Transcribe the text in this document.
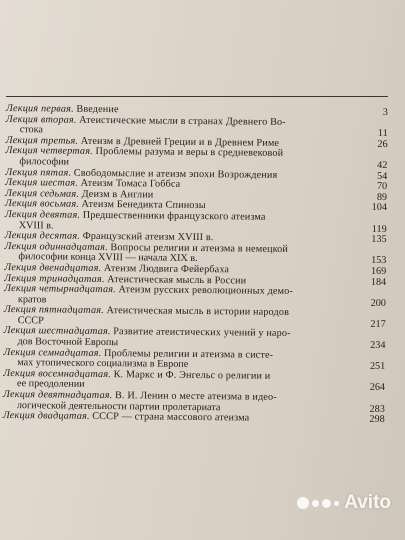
Лекция первая. Введение	3
Лекция вторая. Атеистические мысли в странах Древнего Во-
стока	11
Лекция третья. Атеизм в Древней Греции и в Древнем Риме	26
Лекция четвертая. Проблемы разума и веры в средневековой
философии	42
Лекция пятая. Свободомыслие и атеизм эпохи Возрождения	54
Лекция шестая. Атеизм Томаса Гоббса	70
Лекция седьмая. Деизм в Англии	89
Лекция восьмая. Атеизм Бенедикта Спинозы	104
Лекция девятая. Предшественники французского атеизма
XVIII в.	119
Лекция десятая. Французский атеизм XVIII в.	135
Лекция одиннадцатая. Вопросы религии и атеизма в немецкой
философии конца XVIII — начала XIX в.	153
Лекция двенадцатая. Атеизм Людвига Фейербаха	169
Лекция тринадцатая. Атеистическая мысль в России	184
Лекция четырнадцатая. Атеизм русских революционных демо-
кратов	200
Лекция пятнадцатая. Атеистическая мысль в истории народов
СССР	217
Лекция шестнадцатая. Развитие атеистических учений у наро-
дов Восточной Европы	234
Лекция семнадцатая. Проблемы религии и атеизма в систе-
мах утопического социализма в Европе	251
Лекция восемнадцатая. К. Маркс и Ф. Энгельс о религии и
ее преодолении	264
Лекция девятнадцатая. В. И. Ленин о месте атеизма в идео-
логической деятельности партии пролетариата	283
Лекция двадцатая. СССР — страна массового атеизма	298
Avito
